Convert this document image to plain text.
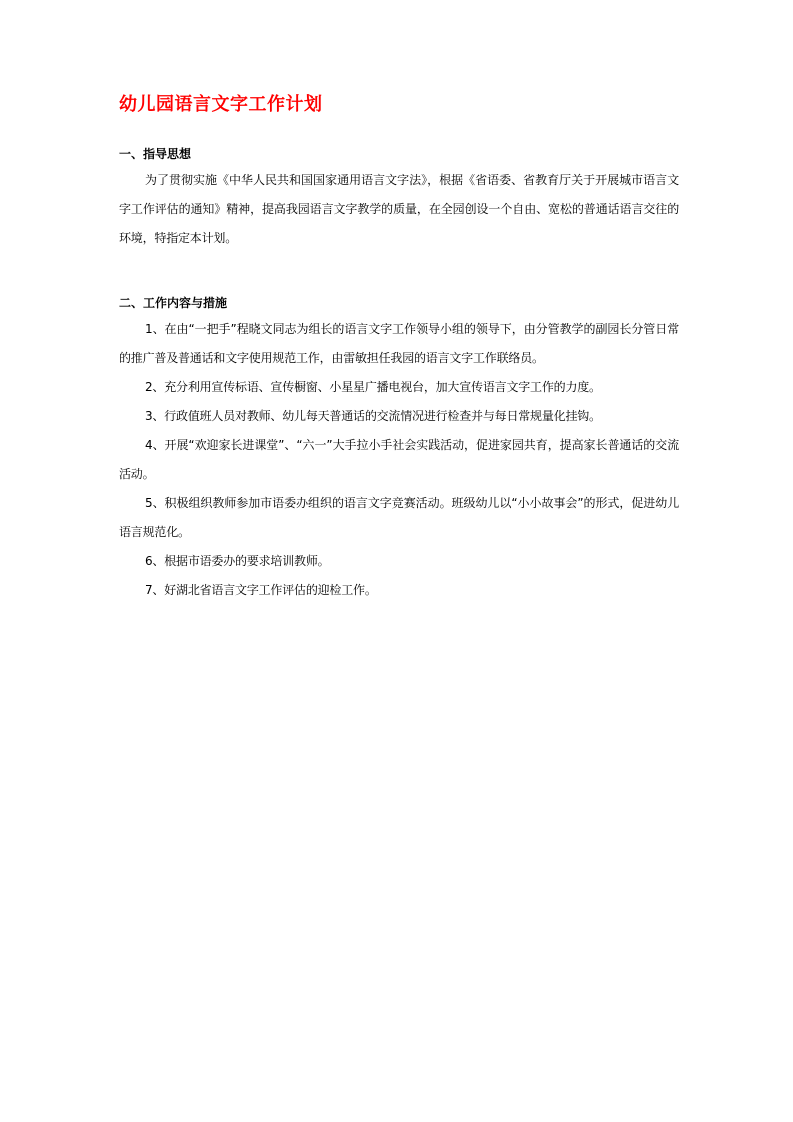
幼儿园语言文字工作计划
一、指导思想

为了贯彻实施《中华人民共和国国家通用语言文字法》，根据《省语委、省教育厅关于开展城市语言文字工作评估的通知》精神，提高我园语言文字教学的质量，在全园创设一个自由、宽松的普通话语言交往的环境，特指定本计划。

二、工作内容与措施

1、在由“一把手”程晓文同志为组长的语言文字工作领导小组的领导下，由分管教学的副园长分管日常的推广普及普通话和文字使用规范工作，由雷敏担任我园的语言文字工作联络员。

2、充分利用宣传标语、宣传橱窗、小星星广播电视台，加大宣传语言文字工作的力度。

3、行政值班人员对教师、幼儿每天普通话的交流情况进行检查并与每日常规量化挂钩。

4、开展“欢迎家长进课堂”、“六一”大手拉小手社会实践活动，促进家园共育，提高家长普通话的交流活动。

5、积极组织教师参加市语委办组织的语言文字竞赛活动。班级幼儿以“小小故事会”的形式，促进幼儿语言规范化。

6、根据市语委办的要求培训教师。

7、好湖北省语言文字工作评估的迎检工作。
